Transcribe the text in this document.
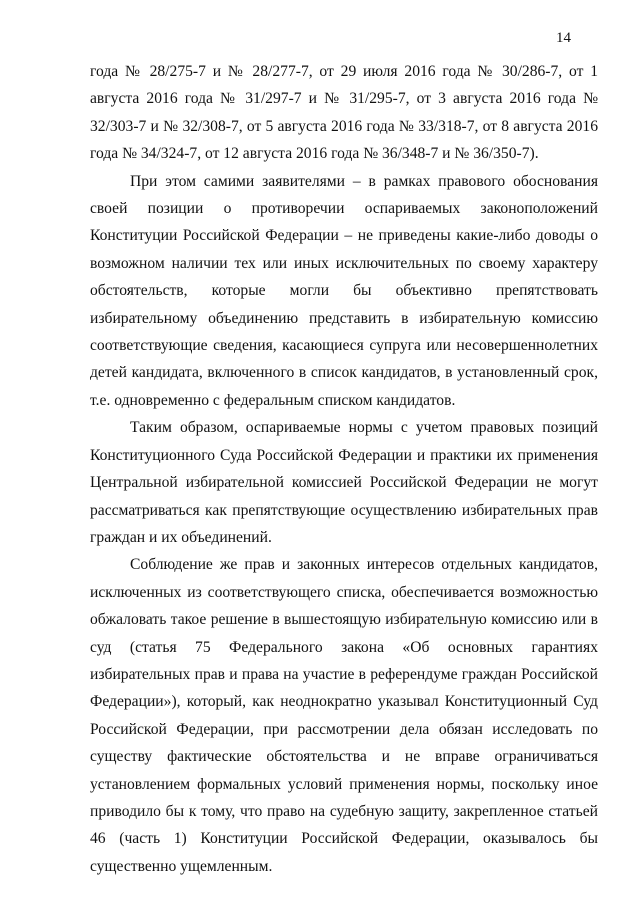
14

года № 28/275-7 и № 28/277-7, от 29 июля 2016 года № 30/286-7, от 1 августа 2016 года № 31/297-7 и № 31/295-7, от 3 августа 2016 года № 32/303-7 и № 32/308-7, от 5 августа 2016 года № 33/318-7, от 8 августа 2016 года № 34/324-7, от 12 августа 2016 года № 36/348-7 и № 36/350-7).

При этом самими заявителями – в рамках правового обоснования своей позиции о противоречии оспариваемых законоположений Конституции Российской Федерации – не приведены какие-либо доводы о возможном наличии тех или иных исключительных по своему характеру обстоятельств, которые могли бы объективно препятствовать избирательному объединению представить в избирательную комиссию соответствующие сведения, касающиеся супруга или несовершеннолетних детей кандидата, включенного в список кандидатов, в установленный срок, т.е. одновременно с федеральным списком кандидатов.

Таким образом, оспариваемые нормы с учетом правовых позиций Конституционного Суда Российской Федерации и практики их применения Центральной избирательной комиссией Российской Федерации не могут рассматриваться как препятствующие осуществлению избирательных прав граждан и их объединений.

Соблюдение же прав и законных интересов отдельных кандидатов, исключенных из соответствующего списка, обеспечивается возможностью обжаловать такое решение в вышестоящую избирательную комиссию или в суд (статья 75 Федерального закона «Об основных гарантиях избирательных прав и права на участие в референдуме граждан Российской Федерации»), который, как неоднократно указывал Конституционный Суд Российской Федерации, при рассмотрении дела обязан исследовать по существу фактические обстоятельства и не вправе ограничиваться установлением формальных условий применения нормы, поскольку иное приводило бы к тому, что право на судебную защиту, закрепленное статьей 46 (часть 1) Конституции Российской Федерации, оказывалось бы существенно ущемленным.
